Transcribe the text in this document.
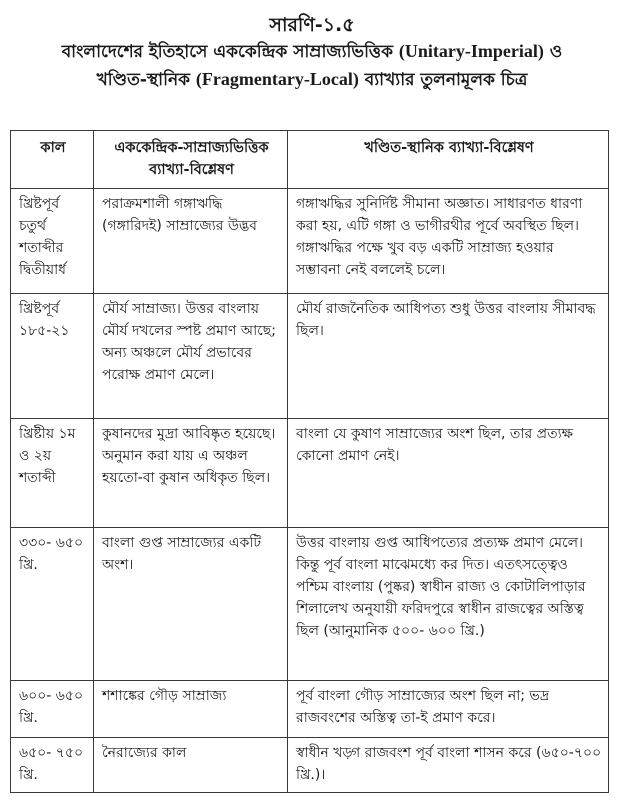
সারণি-১.৫
বাংলাদেশের ইতিহাসে এককেন্দ্রিক সাম্রাজ্যভিত্তিক (Unitary-Imperial) ও
খণ্ডিত-স্থানিক (Fragmentary-Local) ব্যাখ্যার তুলনামূলক চিত্র
কাল	এককেন্দ্রিক-সাম্রাজ্যভিত্তিক ব্যাখ্যা-বিশ্লেষণ	খণ্ডিত-স্থানিক ব্যাখ্যা-বিশ্লেষণ
খ্রিষ্টপূর্ব চতুর্থ শতাব্দীর দ্বিতীয়ার্ধ	পরাক্রমশালী গঙ্গাঋদ্ধি (গঙ্গারিদই) সাম্রাজ্যের উদ্ভব	গঙ্গাঋদ্ধির সুনির্দিষ্ট সীমানা অজ্ঞাত। সাধারণত ধারণা করা হয়, এটি গঙ্গা ও ভাগীরথীর পূর্বে অবস্থিত ছিল। গঙ্গাঋদ্ধির পক্ষে খুব বড় একটি সাম্রাজ্য হওয়ার সম্ভাবনা নেই বললেই চলে।
খ্রিষ্টপূর্ব ১৮৫-২১	মৌর্য সাম্রাজ্য। উত্তর বাংলায় মৌর্য দখলের স্পষ্ট প্রমাণ আছে; অন্য অঞ্চলে মৌর্য প্রভাবের পরোক্ষ প্রমাণ মেলে।	মৌর্য রাজনৈতিক আধিপত্য শুধু উত্তর বাংলায় সীমাবদ্ধ ছিল।
খ্রিষ্টীয় ১ম ও ২য় শতাব্দী	কুষানদের মুদ্রা আবিষ্কৃত হয়েছে। অনুমান করা যায় এ অঞ্চল হয়তো-বা কুষান অধিকৃত ছিল।	বাংলা যে কুষাণ সাম্রাজ্যের অংশ ছিল, তার প্রত্যক্ষ কোনো প্রমাণ নেই।
৩৩০- ৬৫০ খ্রি.	বাংলা গুপ্ত সাম্রাজ্যের একটি অংশ।	উত্তর বাংলায় গুপ্ত আধিপত্যের প্রত্যক্ষ প্রমাণ মেলে। কিন্তু পূর্ব বাংলা মাঝেমধ্যে কর দিত। এতৎসত্ত্বেও পশ্চিম বাংলায় (পুষ্কর) স্বাধীন রাজ্য ও কোটালিপাড়ার শিলালেখ অনুযায়ী ফরিদপুরে স্বাধীন রাজত্বের অস্তিত্ব ছিল (আনুমানিক ৫০০- ৬০০ খ্রি.)
৬০০- ৬৫০ খ্রি.	শশাঙ্কের গৌড় সাম্রাজ্য	পূর্ব বাংলা গৌড় সাম্রাজ্যের অংশ ছিল না; ভদ্র রাজবংশের অস্তিত্ব তা-ই প্রমাণ করে।
৬৫০- ৭৫০ খ্রি.	নৈরাজ্যের কাল	স্বাধীন খড়্গ রাজবংশ পূর্ব বাংলা শাসন করে (৬৫০-৭০০ খ্রি.)।
